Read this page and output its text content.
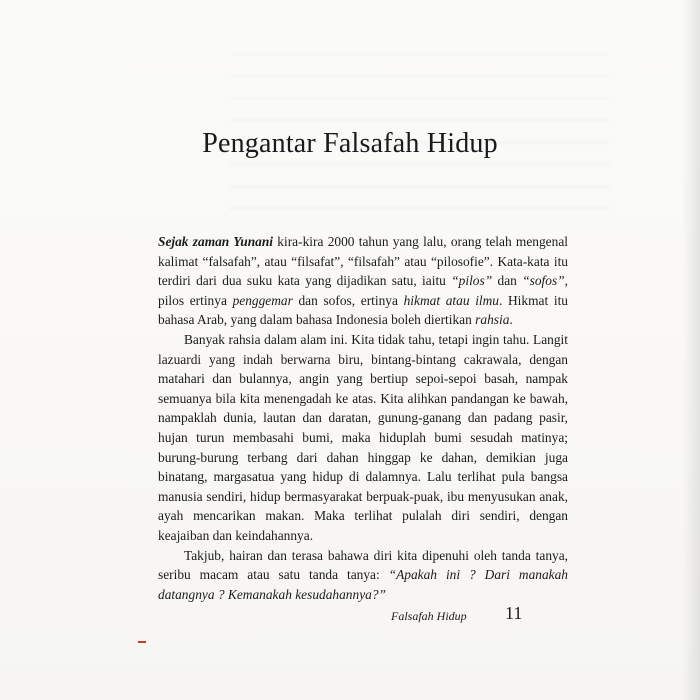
Pengantar Falsafah Hidup

Sejak zaman Yunani kira-kira 2000 tahun yang lalu, orang telah mengenal kalimat “falsafah”, atau “filsafat”, “filsafah” atau “pilosofie”. Kata-kata itu terdiri dari dua suku kata yang dijadikan satu, iaitu “pilos” dan “sofos”, pilos ertinya penggemar dan sofos, ertinya hikmat atau ilmu. Hikmat itu bahasa Arab, yang dalam bahasa Indonesia boleh diertikan rahsia.

Banyak rahsia dalam alam ini. Kita tidak tahu, tetapi ingin tahu. Langit lazuardi yang indah berwarna biru, bintang-bintang cakrawala, dengan matahari dan bulannya, angin yang bertiup sepoi-sepoi basah, nampak semuanya bila kita menengadah ke atas. Kita alihkan pandangan ke bawah, nampaklah dunia, lautan dan daratan, gunung-ganang dan padang pasir, hujan turun membasahi bumi, maka hiduplah bumi sesudah matinya; burung-burung terbang dari dahan hinggap ke dahan, demikian juga binatang, margasatua yang hidup di dalamnya. Lalu terlihat pula bangsa manusia sendiri, hidup bermasyarakat berpuak-puak, ibu menyusukan anak, ayah mencarikan makan. Maka terlihat pulalah diri sendiri, dengan keajaiban dan keindahannya.

Takjub, hairan dan terasa bahawa diri kita dipenuhi oleh tanda tanya, seribu macam atau satu tanda tanya: “Apakah ini ? Dari manakah datangnya ? Kemanakah kesudahannya?”

Falsafah Hidup 11
